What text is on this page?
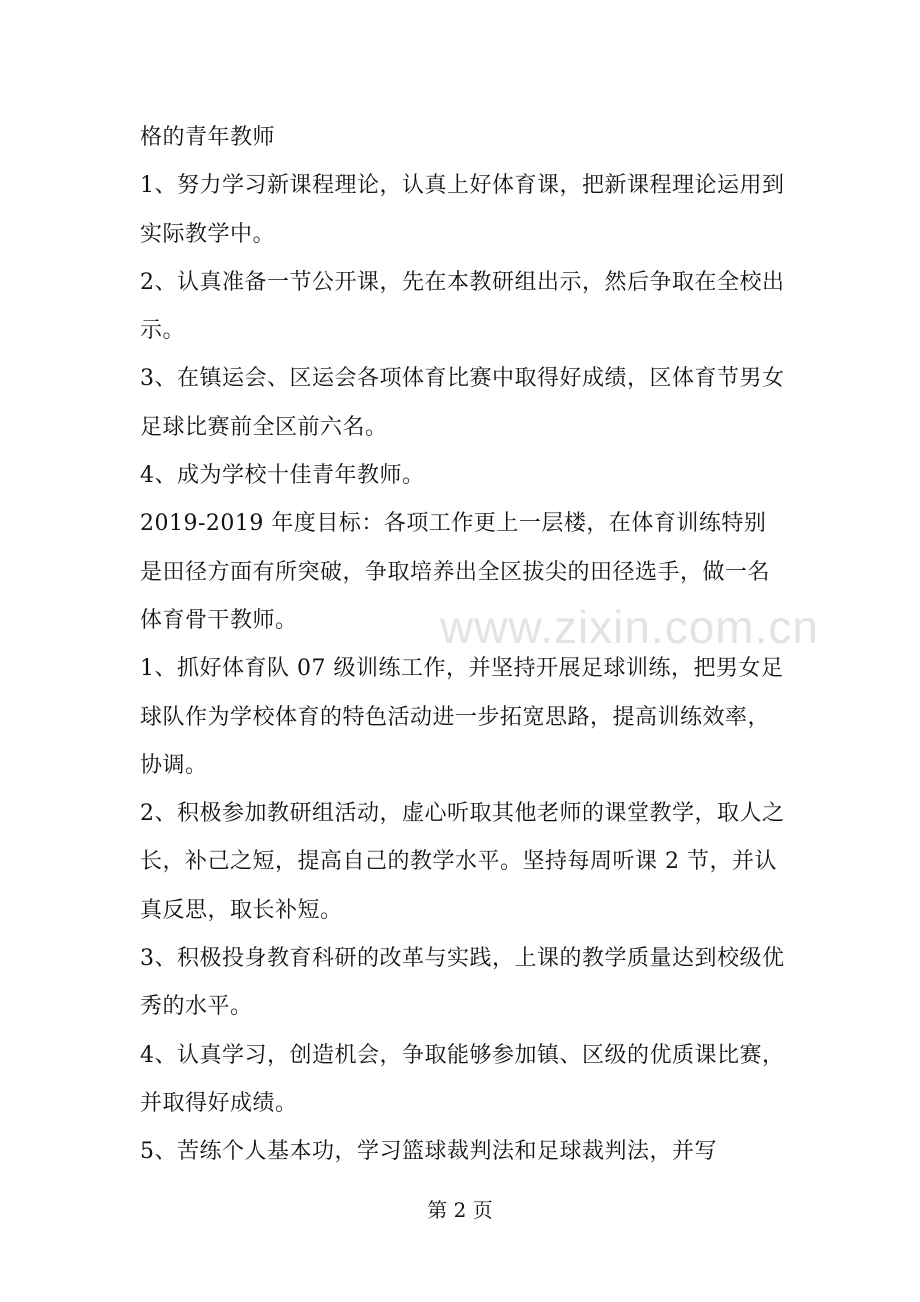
格的青年教师

1、努力学习新课程理论，认真上好体育课，把新课程理论运用到实际教学中。

2、认真准备一节公开课，先在本教研组出示，然后争取在全校出示。

3、在镇运会、区运会各项体育比赛中取得好成绩，区体育节男女足球比赛前全区前六名。

4、成为学校十佳青年教师。

2019-2019 年度目标：各项工作更上一层楼，在体育训练特别是田径方面有所突破，争取培养出全区拔尖的田径选手，做一名体育骨干教师。

1、抓好体育队 07 级训练工作，并坚持开展足球训练，把男女足球队作为学校体育的特色活动进一步拓宽思路，提高训练效率，协调。

2、积极参加教研组活动，虚心听取其他老师的课堂教学，取人之长，补己之短，提高自己的教学水平。坚持每周听课 2 节，并认真反思，取长补短。

3、积极投身教育科研的改革与实践，上课的教学质量达到校级优秀的水平。

4、认真学习，创造机会，争取能够参加镇、区级的优质课比赛，并取得好成绩。

5、苦练个人基本功，学习篮球裁判法和足球裁判法，并写

www.zixin.com.cn
第 2 页
